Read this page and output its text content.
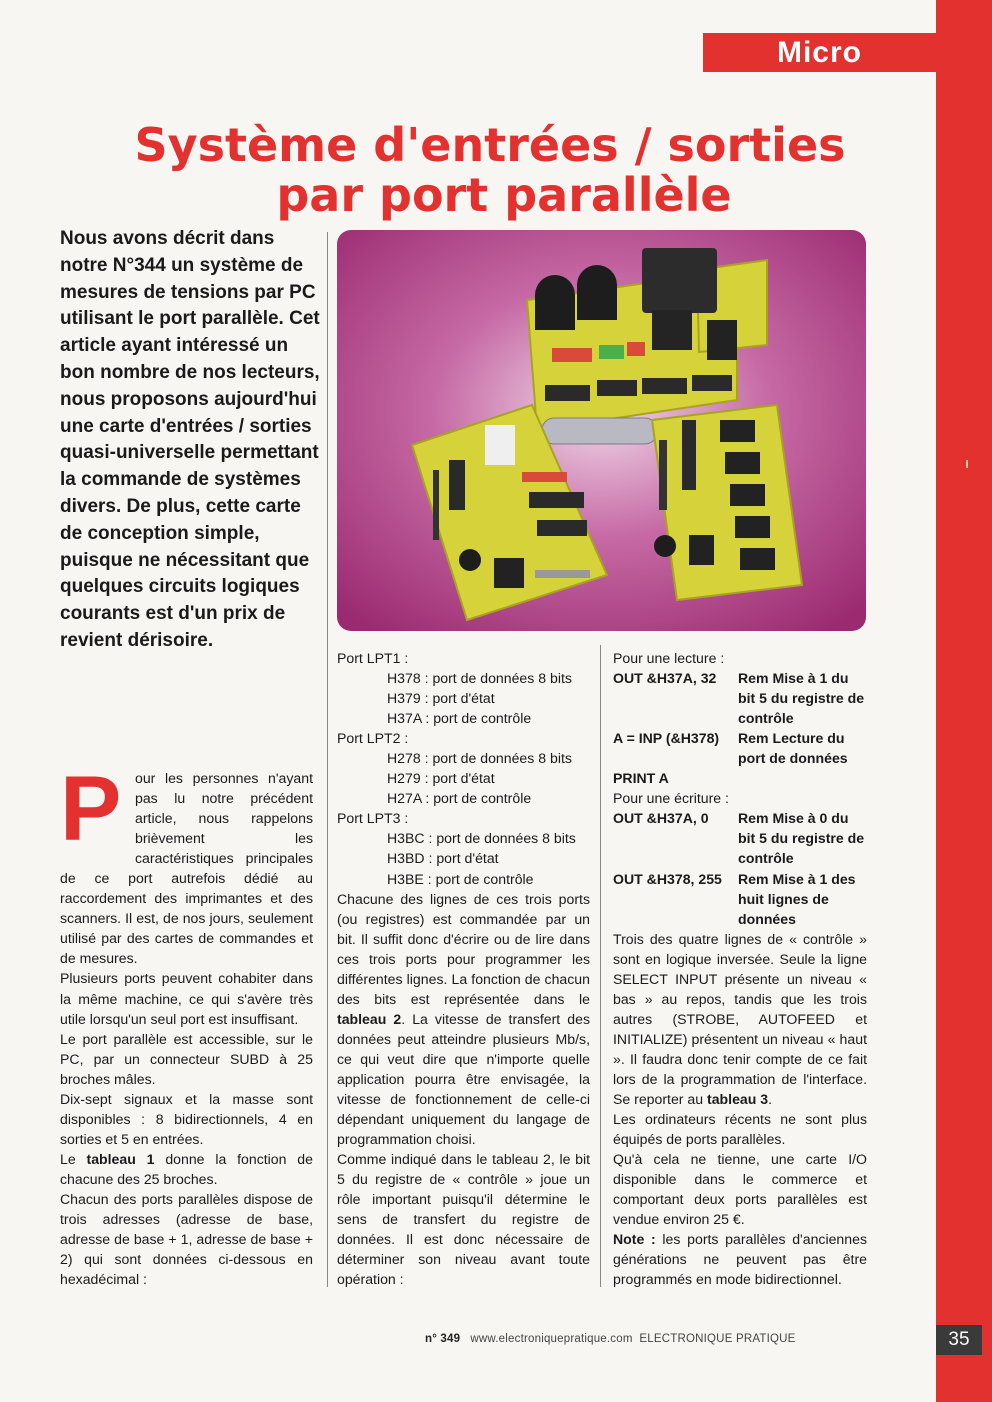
Micro
Système d'entrées / sorties
par port parallèle
Nous avons décrit dans notre N°344 un système de mesures de tensions par PC utilisant le port parallèle. Cet article ayant intéressé un bon nombre de nos lecteurs, nous proposons aujourd'hui une carte d'entrées / sorties quasi-universelle permettant la commande de systèmes divers. De plus, cette carte de conception simple, puisque ne nécessitant que quelques circuits logiques courants est d'un prix de revient dérisoire.
P our les personnes n'ayant pas lu notre précédent article, nous rappelons brièvement les caractéristiques principales de ce port autrefois dédié au raccordement des imprimantes et des scanners. Il est, de nos jours, seulement utilisé par des cartes de commandes et de mesures.

Plusieurs ports peuvent cohabiter dans la même machine, ce qui s'avère très utile lorsqu'un seul port est insuffisant.

Le port parallèle est accessible, sur le PC, par un connecteur SUBD à 25 broches mâles.

Dix-sept signaux et la masse sont disponibles : 8 bidirectionnels, 4 en sorties et 5 en entrées.

Le tableau 1 donne la fonction de chacune des 25 broches.

Chacun des ports parallèles dispose de trois adresses (adresse de base, adresse de base + 1, adresse de base + 2) qui sont données ci-dessous en hexadécimal :

Port LPT1 :
H378 : port de données 8 bits
H379 : port d'état
H37A : port de contrôle
Port LPT2 :
H278 : port de données 8 bits
H279 : port d'état
H27A : port de contrôle
Port LPT3 :
H3BC : port de données 8 bits
H3BD : port d'état
H3BE : port de contrôle

Chacune des lignes de ces trois ports (ou registres) est commandée par un bit. Il suffit donc d'écrire ou de lire dans ces trois ports pour programmer les différentes lignes. La fonction de chacun des bits est représentée dans le tableau 2. La vitesse de transfert des données peut atteindre plusieurs Mb/s, ce qui veut dire que n'importe quelle application pourra être envisagée, la vitesse de fonctionnement de celle-ci dépendant uniquement du langage de programmation choisi.

Comme indiqué dans le tableau 2, le bit 5 du registre de « contrôle » joue un rôle important puisqu'il détermine le sens de transfert du registre de données. Il est donc nécessaire de déterminer son niveau avant toute opération :

Pour une lecture :
OUT &H37A, 32	Rem Mise à 1 du bit 5 du registre de contrôle
A = INP (&H378)	Rem Lecture du port de données
PRINT A
Pour une écriture :
OUT &H37A, 0	Rem Mise à 0 du bit 5 du registre de contrôle
OUT &H378, 255	Rem Mise à 1 des huit lignes de données

Trois des quatre lignes de « contrôle » sont en logique inversée. Seule la ligne SELECT INPUT présente un niveau « bas » au repos, tandis que les trois autres (STROBE, AUTOFEED et INITIALIZE) présentent un niveau « haut ». Il faudra donc tenir compte de ce fait lors de la programmation de l'interface. Se reporter au tableau 3.

Les ordinateurs récents ne sont plus équipés de ports parallèles.

Qu'à cela ne tienne, une carte I/O disponible dans le commerce et comportant deux ports parallèles est vendue environ 25 €.

Note : les ports parallèles d'anciennes générations ne peuvent pas être programmés en mode bidirectionnel.

n° 349 www.electroniquepratique.com ELECTRONIQUE PRATIQUE	35
